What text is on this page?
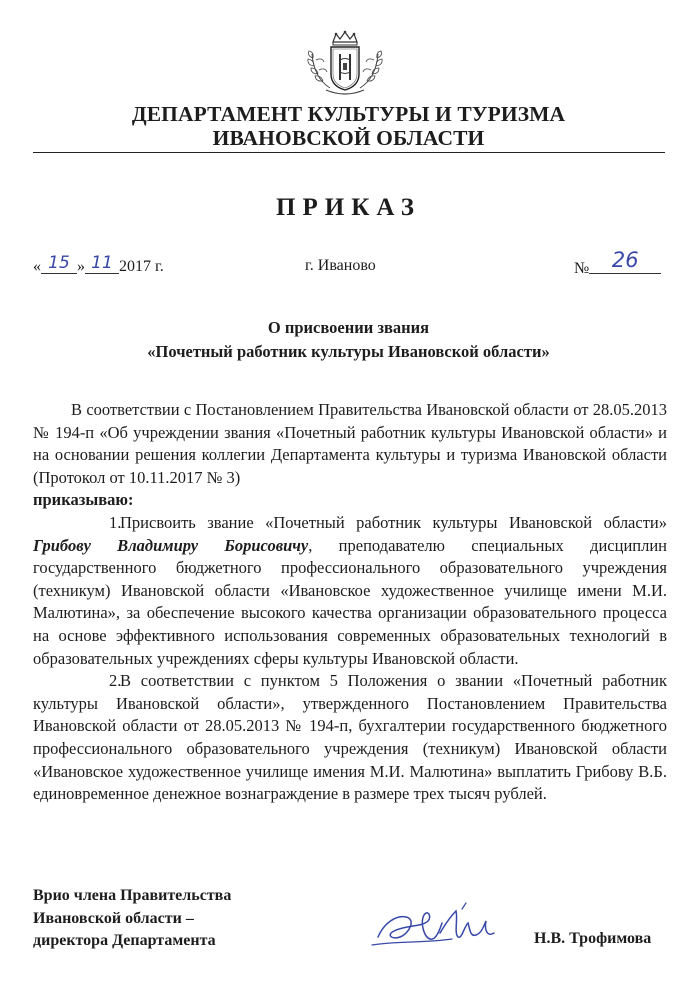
ДЕПАРТАМЕНТ КУЛЬТУРЫ И ТУРИЗМА
ИВАНОВСКОЙ ОБЛАСТИ
ПРИКАЗ
« 15 » 11 2017 г.	г. Иваново	№ 26
О присвоении звания
«Почетный работник культуры Ивановской области»

В соответствии с Постановлением Правительства Ивановской области от 28.05.2013 № 194-п «Об учреждении звания «Почетный работник культуры Ивановской области» и на основании решения коллегии Департамента культуры и туризма Ивановской области (Протокол от 10.11.2017 № 3)

приказываю:

1.Присвоить звание «Почетный работник культуры Ивановской области» Грибову Владимиру Борисовичу, преподавателю специальных дисциплин государственного бюджетного профессионального образовательного учреждения (техникум) Ивановской области «Ивановское художественное училище имени М.И. Малютина», за обеспечение высокого качества организации образовательного процесса на основе эффективного использования современных образовательных технологий в образовательных учреждениях сферы культуры Ивановской области.

2.В соответствии с пунктом 5 Положения о звании «Почетный работник культуры Ивановской области», утвержденного Постановлением Правительства Ивановской области от 28.05.2013 № 194-п, бухгалтерии государственного бюджетного профессионального образовательного учреждения (техникум) Ивановской области «Ивановское художественное училище имения М.И. Малютина» выплатить Грибову В.Б. единовременное денежное вознаграждение в размере трех тысяч рублей.

Врио члена Правительства
Ивановской области –
директора Департамента	Н.В. Трофимова
